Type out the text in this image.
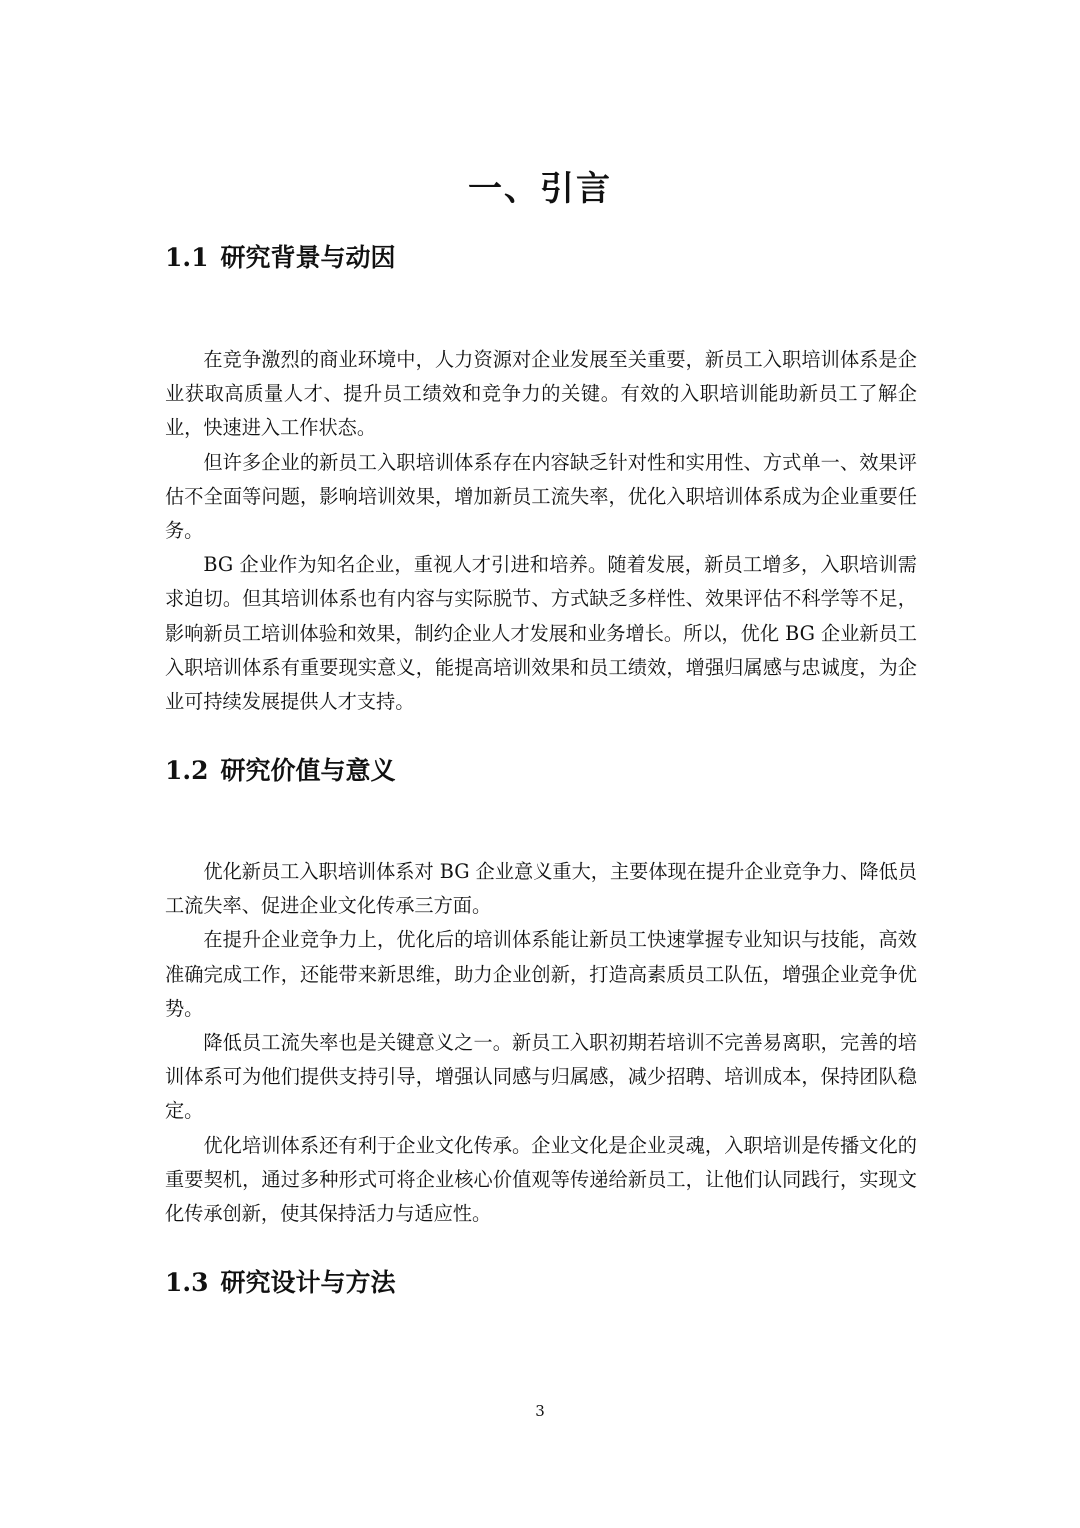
一、引言
1.1 研究背景与动因

在竞争激烈的商业环境中，人力资源对企业发展至关重要，新员工入职培训体系是企业获取高质量人才、提升员工绩效和竞争力的关键。有效的入职培训能助新员工了解企业，快速进入工作状态。

但许多企业的新员工入职培训体系存在内容缺乏针对性和实用性、方式单一、效果评估不全面等问题，影响培训效果，增加新员工流失率，优化入职培训体系成为企业重要任务。

BG 企业作为知名企业，重视人才引进和培养。随着发展，新员工增多，入职培训需求迫切。但其培训体系也有内容与实际脱节、方式缺乏多样性、效果评估不科学等不足，影响新员工培训体验和效果，制约企业人才发展和业务增长。所以，优化 BG 企业新员工入职培训体系有重要现实意义，能提高培训效果和员工绩效，增强归属感与忠诚度，为企业可持续发展提供人才支持。

1.2 研究价值与意义

优化新员工入职培训体系对 BG 企业意义重大，主要体现在提升企业竞争力、降低员工流失率、促进企业文化传承三方面。

在提升企业竞争力上，优化后的培训体系能让新员工快速掌握专业知识与技能，高效准确完成工作，还能带来新思维，助力企业创新，打造高素质员工队伍，增强企业竞争优势。

降低员工流失率也是关键意义之一。新员工入职初期若培训不完善易离职，完善的培训体系可为他们提供支持引导，增强认同感与归属感，减少招聘、培训成本，保持团队稳定。

优化培训体系还有利于企业文化传承。企业文化是企业灵魂，入职培训是传播文化的重要契机，通过多种形式可将企业核心价值观等传递给新员工，让他们认同践行，实现文化传承创新，使其保持活力与适应性。

1.3 研究设计与方法
3
